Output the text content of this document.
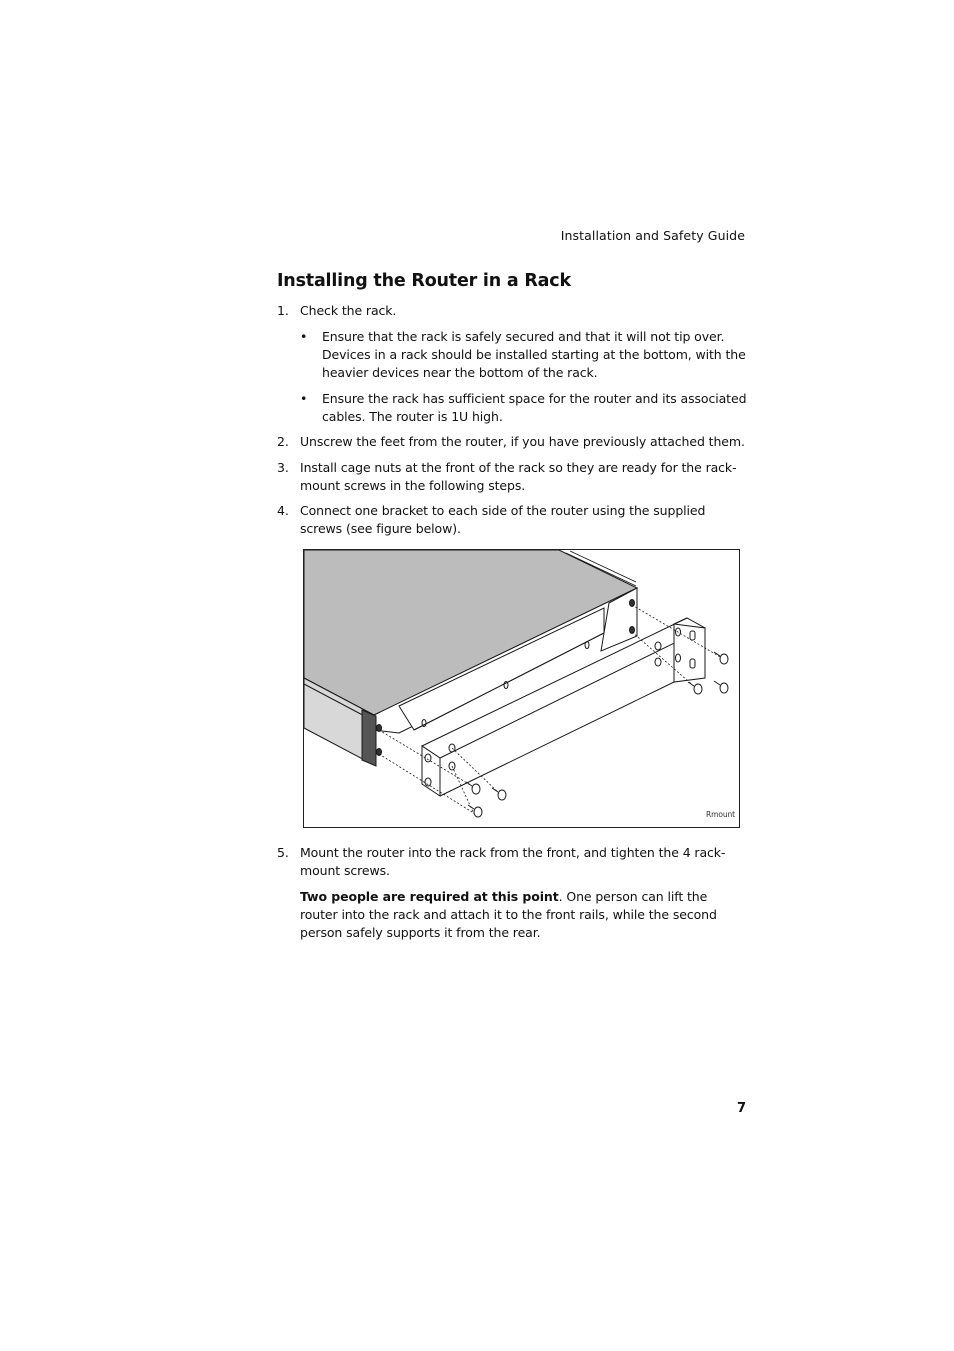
Installation and Safety Guide
Installing the Router in a Rack
1. Check the rack.
• Ensure that the rack is safely secured and that it will not tip over. Devices in a rack should be installed starting at the bottom, with the heavier devices near the bottom of the rack.
• Ensure the rack has sufficient space for the router and its associated cables. The router is 1U high.
2. Unscrew the feet from the router, if you have previously attached them.
3. Install cage nuts at the front of the rack so they are ready for the rack-mount screws in the following steps.
4. Connect one bracket to each side of the router using the supplied screws (see figure below).
Rmount
5. Mount the router into the rack from the front, and tighten the 4 rack-mount screws.
Two people are required at this point. One person can lift the router into the rack and attach it to the front rails, while the second person safely supports it from the rear.
7
